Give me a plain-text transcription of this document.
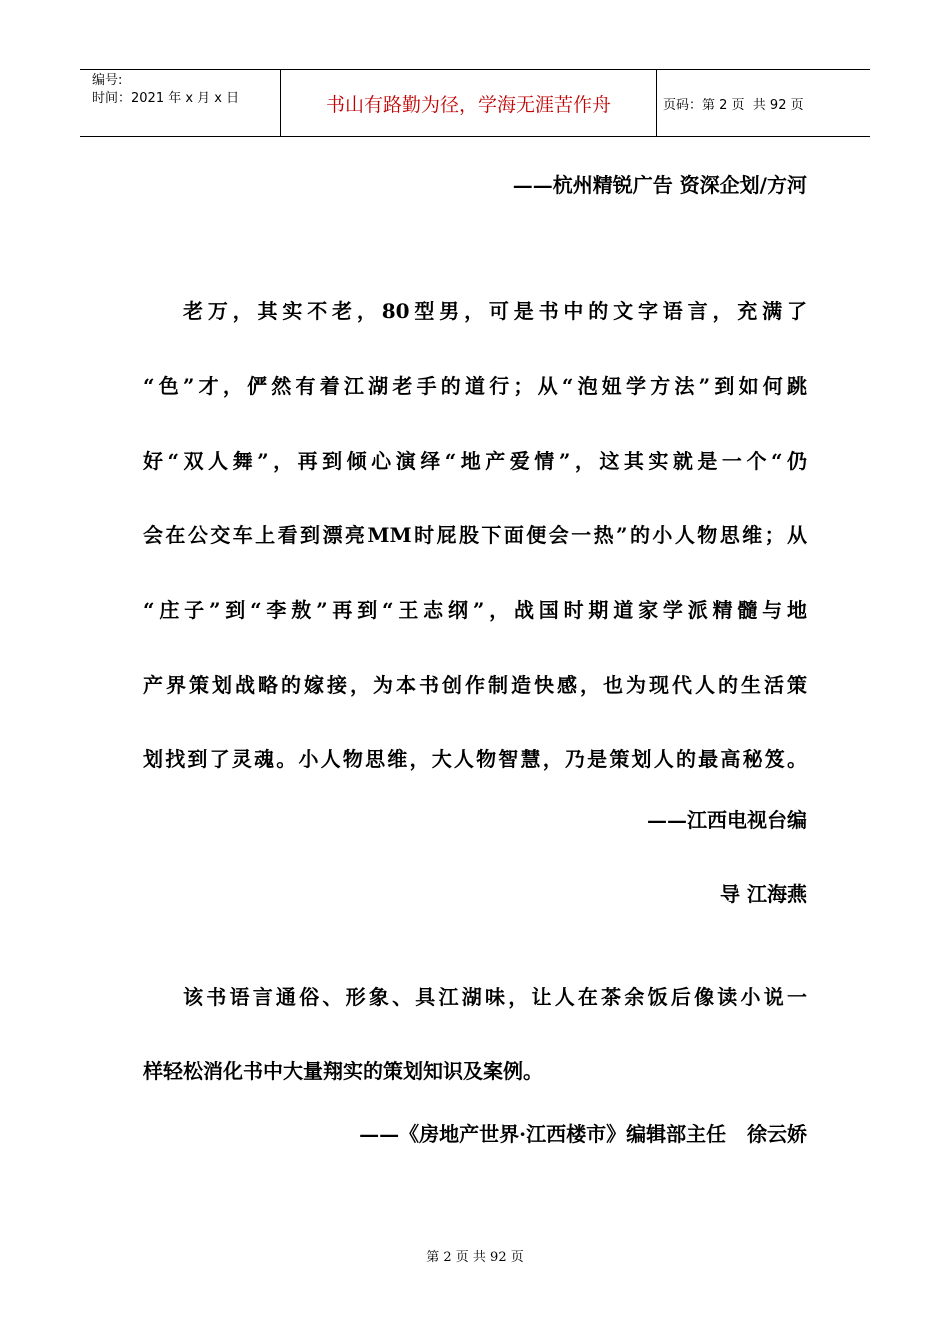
编号:
时间：2021 年 x 月 x 日	书山有路勤为径，学海无涯苦作舟	页码：第 2 页  共 92 页
——杭州精锐广告 资深企划/方河
老万，其实不老，80型男，可是书中的文字语言，充满了
“色”才，俨然有着江湖老手的道行；从“泡妞学方法”到如何跳
好“双人舞”，再到倾心演绎“地产爱情”，这其实就是一个“仍
会在公交车上看到漂亮MM时屁股下面便会一热”的小人物思维；从
“庄子”到“李敖”再到“王志纲”，战国时期道家学派精髓与地
产界策划战略的嫁接，为本书创作制造快感，也为现代人的生活策
划找到了灵魂。小人物思维，大人物智慧，乃是策划人的最高秘笈。
——江西电视台编
导 江海燕
该书语言通俗、形象、具江湖味，让人在茶余饭后像读小说一
样轻松消化书中大量翔实的策划知识及案例。
——《房地产世界·江西楼市》编辑部主任   徐云娇
第 2 页 共 92 页
